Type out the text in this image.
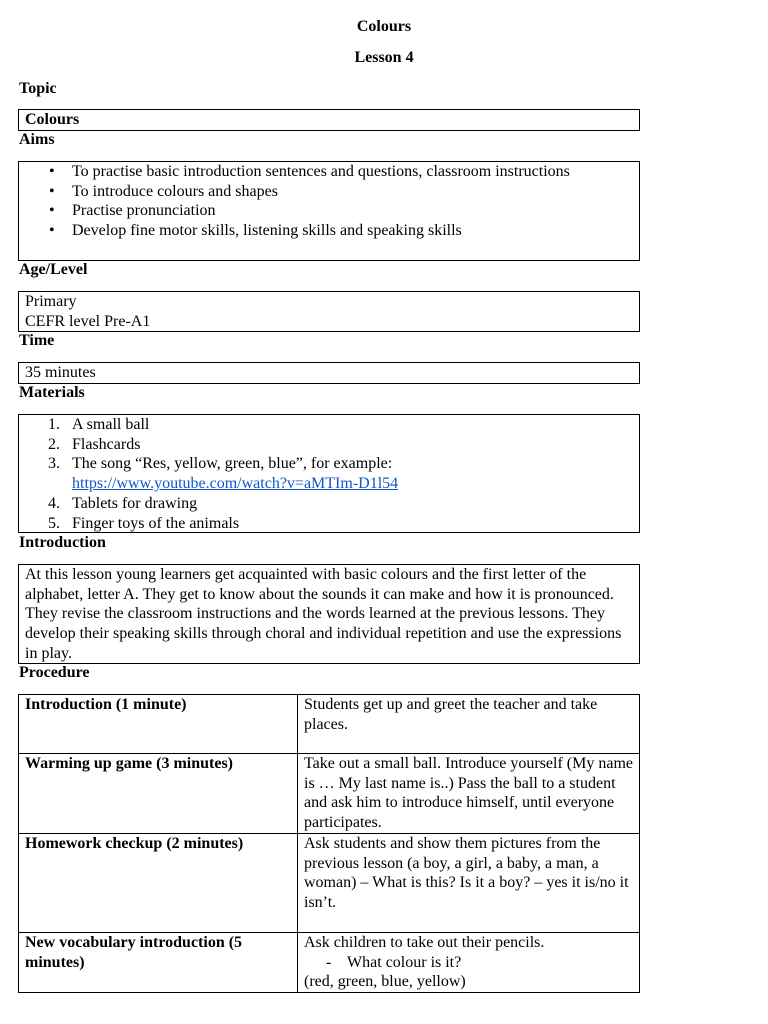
Colours
Lesson 4
Topic
Colours
Aims
• To practise basic introduction sentences and questions, classroom instructions
• To introduce colours and shapes
• Practise pronunciation
• Develop fine motor skills, listening skills and speaking skills
Age/Level

Primary

CEFR level Pre-A1

Time
35 minutes
Materials
1. A small ball
2. Flashcards
3. The song “Res, yellow, green, blue”, for example:
https://www.youtube.com/watch?v=aMTIm-D1l54
4. Tablets for drawing
5. Finger toys of the animals
Introduction

At this lesson young learners get acquainted with basic colours and the first letter of the alphabet, letter A. They get to know about the sounds it can make and how it is pronounced. They revise the classroom instructions and the words learned at the previous lessons. They develop their speaking skills through choral and individual repetition and use the expressions in play.

Procedure
Introduction (1 minute)	Students get up and greet the teacher and take places.
Warming up game (3 minutes)	Take out a small ball. Introduce yourself (My name is … My last name is..) Pass the ball to a student and ask him to introduce himself, until everyone participates.
Homework checkup (2 minutes)	Ask students and show them pictures from the previous lesson (a boy, a girl, a baby, a man, a woman) – What is this? Is it a boy? – yes it is/no it isn’t.
New vocabulary introduction (5 minutes)	Ask children to take out their pencils.
-    What colour is it?
(red, green, blue, yellow)
